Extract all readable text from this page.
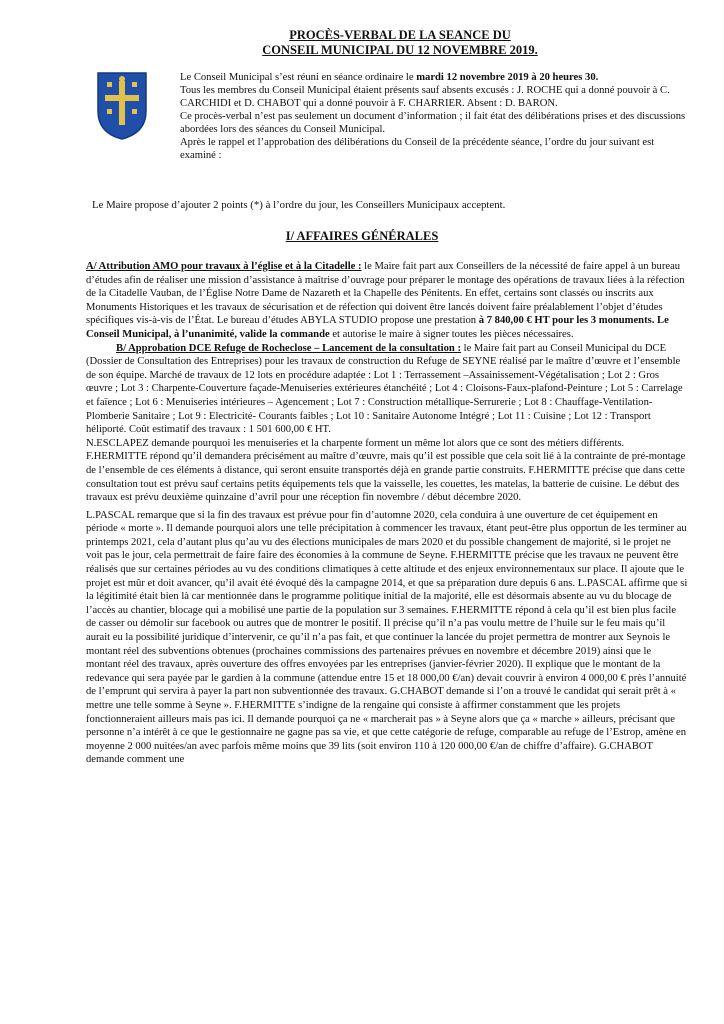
PROCÈS-VERBAL DE LA SEANCE DU
CONSEIL MUNICIPAL DU 12 NOVEMBRE 2019.

Le Conseil Municipal s’est réuni en séance ordinaire le mardi 12 novembre 2019 à 20 heures 30.

Tous les membres du Conseil Municipal étaient présents sauf absents excusés : J. ROCHE qui a donné pouvoir à C. CARCHIDI et D. CHABOT qui a donné pouvoir à F. CHARRIER. Absent : D. BARON.

Ce procès-verbal n’est pas seulement un document d’information ; il fait état des délibérations prises et des discussions abordées lors des séances du Conseil Municipal.

Après le rappel et l’approbation des délibérations du Conseil de la précédente séance, l’ordre du jour suivant est examiné :

Le Maire propose d’ajouter 2 points (*) à l’ordre du jour, les Conseillers Municipaux acceptent.
I/ AFFAIRES GÉNÉRALES

A/ Attribution AMO pour travaux à l’église et à la Citadelle : le Maire fait part aux Conseillers de la nécessité de faire appel à un bureau d’études afin de réaliser une mission d’assistance à maîtrise d’ouvrage pour préparer le montage des opérations de travaux liées à la réfection de la Citadelle Vauban, de l’Église Notre Dame de Nazareth et la Chapelle des Pénitents. En effet, certains sont classés ou inscrits aux Monuments Historiques et les travaux de sécurisation et de réfection qui doivent être lancés doivent faire préalablement l’objet d’études spécifiques vis-à-vis de l’État. Le bureau d’études ABYLA STUDIO propose une prestation à 7 840,00 € HT pour les 3 monuments. Le Conseil Municipal, à l’unanimité, valide la commande et autorise le maire à signer toutes les pièces nécessaires.

B/ Approbation DCE Refuge de Rocheclose – Lancement de la consultation : le Maire fait part au Conseil Municipal du DCE (Dossier de Consultation des Entreprises) pour les travaux de construction du Refuge de SEYNE réalisé par le maître d’œuvre et l’ensemble de son équipe. Marché de travaux de 12 lots en procédure adaptée : Lot 1 : Terrassement –Assainissement-Végétalisation ; Lot 2 : Gros œuvre ; Lot 3 : Charpente-Couverture façade-Menuiseries extérieures étanchéité ; Lot 4 : Cloisons-Faux-plafond-Peinture ; Lot 5 : Carrelage et faïence ; Lot 6 : Menuiseries intérieures – Agencement ; Lot 7 : Construction métallique-Serrurerie ; Lot 8 : Chauffage-Ventilation-Plomberie Sanitaire ; Lot 9 : Electricité- Courants faibles ; Lot 10 : Sanitaire Autonome Intégré ; Lot 11 : Cuisine ; Lot 12 : Transport héliporté. Coût estimatif des travaux : 1 501 600,00 € HT.

N.ESCLAPEZ demande pourquoi les menuiseries et la charpente forment un même lot alors que ce sont des métiers différents. F.HERMITTE répond qu’il demandera précisément au maître d’œuvre, mais qu’il est possible que cela soit lié à la contrainte de pré-montage de l’ensemble de ces éléments à distance, qui seront ensuite transportés déjà en grande partie construits. F.HERMITTE précise que dans cette consultation tout est prévu sauf certains petits équipements tels que la vaisselle, les couettes, les matelas, la batterie de cuisine. Le début des travaux est prévu deuxième quinzaine d’avril pour une réception fin novembre / début décembre 2020.

L.PASCAL remarque que si la fin des travaux est prévue pour fin d’automne 2020, cela conduira à une ouverture de cet équipement en période « morte ». Il demande pourquoi alors une telle précipitation à commencer les travaux, étant peut-être plus opportun de les terminer au printemps 2021, cela d’autant plus qu’au vu des élections municipales de mars 2020 et du possible changement de majorité, si le projet ne voit pas le jour, cela permettrait de faire faire des économies à la commune de Seyne. F.HERMITTE précise que les travaux ne peuvent être réalisés que sur certaines périodes au vu des conditions climatiques à cette altitude et des enjeux environnementaux sur place. Il ajoute que le projet est mûr et doit avancer, qu’il avait été évoqué dès la campagne 2014, et que sa préparation dure depuis 6 ans. L.PASCAL affirme que si la légitimité était bien là car mentionnée dans le programme politique initial de la majorité, elle est désormais absente au vu du blocage de l’accès au chantier, blocage qui a mobilisé une partie de la population sur 3 semaines. F.HERMITTE répond à cela qu’il est bien plus facile de casser ou démolir sur facebook ou autres que de montrer le positif. Il précise qu’il n’a pas voulu mettre de l’huile sur le feu mais qu’il aurait eu la possibilité juridique d’intervenir, ce qu’il n’a pas fait, et que continuer la lancée du projet permettra de montrer aux Seynois le montant réel des subventions obtenues (prochaines commissions des partenaires prévues en novembre et décembre 2019) ainsi que le montant réel des travaux, après ouverture des offres envoyées par les entreprises (janvier-février 2020). Il explique que le montant de la redevance qui sera payée par le gardien à la commune (attendue entre 15 et 18 000,00 €/an) devait couvrir à environ 4 000,00 € près l’annuité de l’emprunt qui servira à payer la part non subventionnée des travaux. G.CHABOT demande si l’on a trouvé le candidat qui serait prêt à « mettre une telle somme à Seyne ». F.HERMITTE s’indigne de la rengaine qui consiste à affirmer constamment que les projets fonctionneraient ailleurs mais pas ici. Il demande pourquoi ça ne « marcherait pas » à Seyne alors que ça « marche » ailleurs, précisant que personne n’a intérêt à ce que le gestionnaire ne gagne pas sa vie, et que cette catégorie de refuge, comparable au refuge de l’Estrop, amène en moyenne 2 000 nuitées/an avec parfois même moins que 39 lits (soit environ 110 à 120 000,00 €/an de chiffre d’affaire). G.CHABOT demande comment une
